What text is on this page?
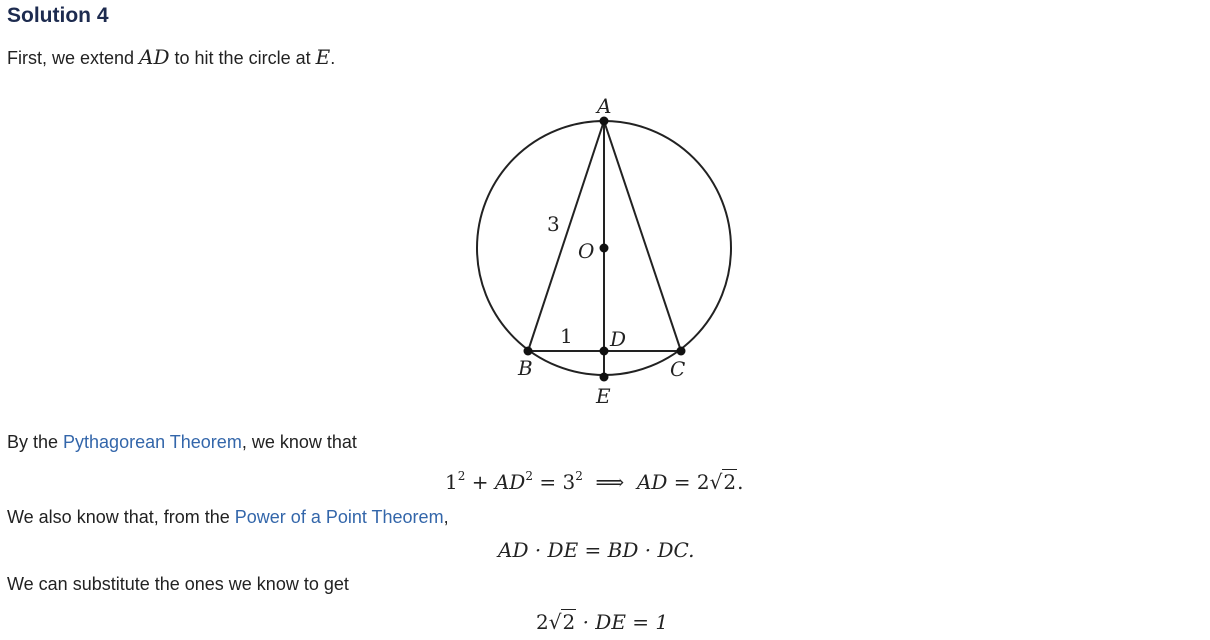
Solution 4
First, we extend AD to hit the circle at E.
A
O
B
D
C
E
3
1
By the Pythagorean Theorem, we know that
$1^2 + AD^2 = 3^2$  ⟹  AD = 2√2.
We also know that, from the Power of a Point Theorem,
AD · DE = BD · DC.
We can substitute the ones we know to get
2√2 · DE = 1
